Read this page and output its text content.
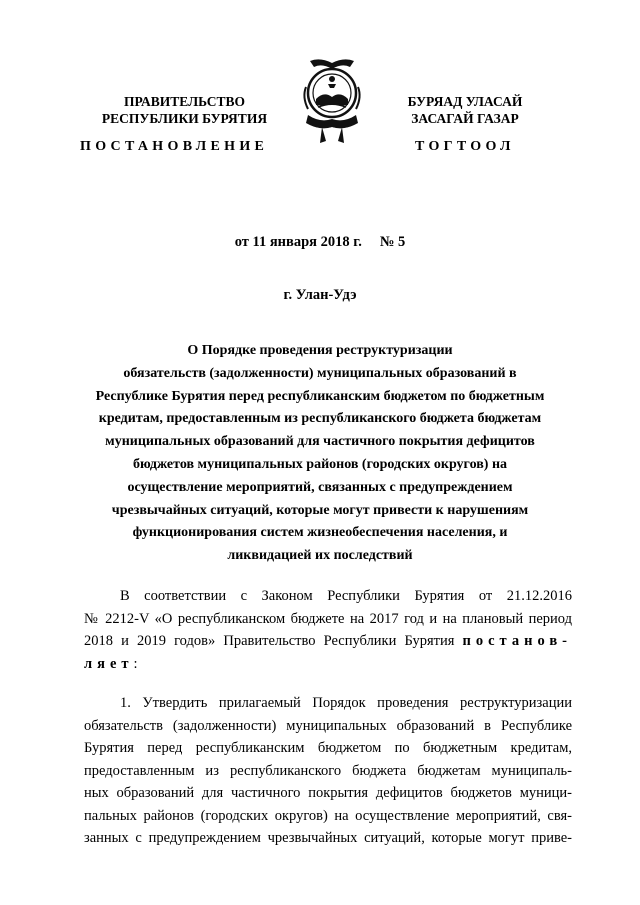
ПРАВИТЕЛЬСТВО
РЕСПУБЛИКИ БУРЯТИЯ
БУРЯАД УЛАСАЙ
ЗАСАГАЙ ГАЗАР
ПОСТАНОВЛЕНИЕ	ТОГТООЛ
от 11 января 2018 г. № 5
г. Улан-Удэ
О Порядке проведения реструктуризации
обязательств (задолженности) муниципальных образований в
Республике Бурятия перед республиканским бюджетом по бюджетным
кредитам, предоставленным из республиканского бюджета бюджетам
муниципальных образований для частичного покрытия дефицитов
бюджетов муниципальных районов (городских округов) на
осуществление мероприятий, связанных с предупреждением
чрезвычайных ситуаций, которые могут привести к нарушениям
функционирования систем жизнеобеспечения населения, и
ликвидацией их последствий
В соответствии с Законом Республики Бурятия от 21.12.2016
№ 2212-V «О республиканском бюджете на 2017 год и на плановый период
2018 и 2019 годов» Правительство Республики Бурятия постанов-
ляет:
1. Утвердить прилагаемый Порядок проведения реструктуризации
обязательств (задолженности) муниципальных образований в Республике
Бурятия перед республиканским бюджетом по бюджетным кредитам,
предоставленным из республиканского бюджета бюджетам муниципаль-
ных образований для частичного покрытия дефицитов бюджетов муници-
пальных районов (городских округов) на осуществление мероприятий, свя-
занных с предупреждением чрезвычайных ситуаций, которые могут приве-
